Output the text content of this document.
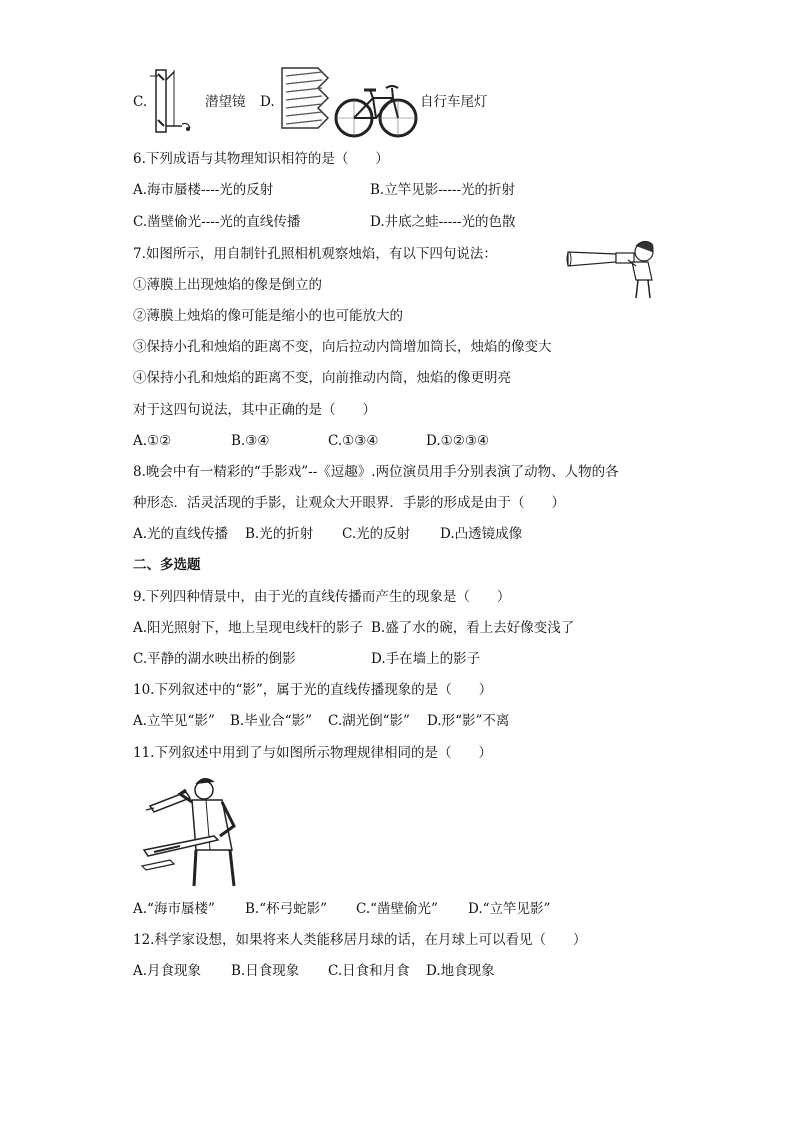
C.	潜望镜 D.	自行车尾灯
6.下列成语与其物理知识相符的是（　　）
A.海市蜃楼----光的反射	B.立竿见影-----光的折射
C.凿壁偷光----光的直线传播	D.井底之蛙-----光的色散
7.如图所示，用自制针孔照相机观察烛焰，有以下四句说法：
①薄膜上出现烛焰的像是倒立的
②薄膜上烛焰的像可能是缩小的也可能放大的
③保持小孔和烛焰的距离不变，向后拉动内筒增加筒长，烛焰的像变大
④保持小孔和烛焰的距离不变，向前推动内筒，烛焰的像更明亮
对于这四句说法，其中正确的是（　　）
A.①②	B.③④	C.①③④	D.①②③④
8.晚会中有一精彩的“手影戏”--《逗趣》.两位演员用手分别表演了动物、人物的各
种形态．活灵活现的手影，让观众大开眼界．手影的形成是由于（　　）
A.光的直线传播 B.光的折射 C.光的反射 D.凸透镜成像
二、多选题
9.下列四种情景中，由于光的直线传播而产生的现象是（　　）
A.阳光照射下，地上呈现电线杆的影子 B.盛了水的碗，看上去好像变浅了
C.平静的湖水映出桥的倒影	D.手在墙上的影子
10.下列叙述中的“影”，属于光的直线传播现象的是（　　）
A.立竿见“影” B.毕业合“影” C.湖光倒“影” D.形“影”不离
11.下列叙述中用到了与如图所示物理规律相同的是（　　）
A.“海市蜃楼” B.“杯弓蛇影” C.“凿壁偷光” D.“立竿见影”
12.科学家设想，如果将来人类能移居月球的话，在月球上可以看见（　　）
A.月食现象 B.日食现象 C.日食和月食 D.地食现象
